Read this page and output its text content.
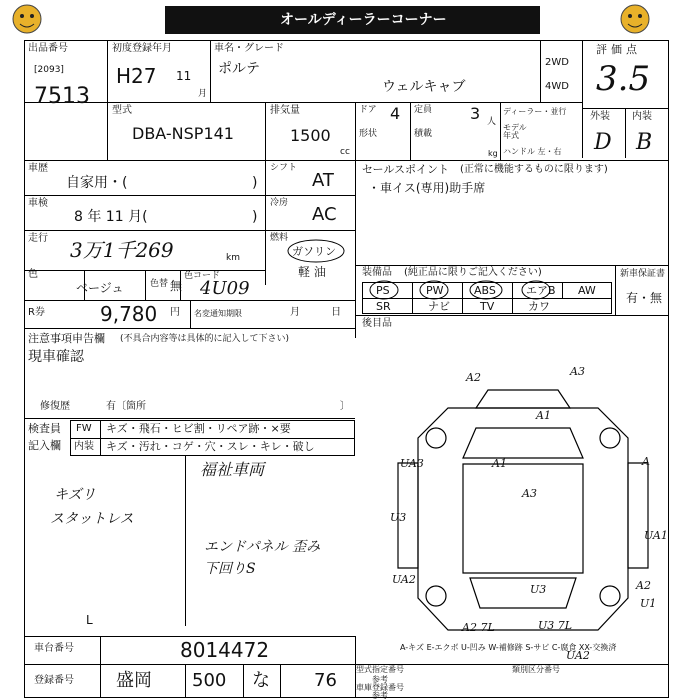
オールディーラーコーナー
出品番号
[2093]
7513
初度登録年月
H27 11
月
車名・グレード
ポルテ
ウェルキャブ
2WD
4WD
評価点
3.5
外装 内装
D B
型式
DBA-NSP141
排気量
1500
cc
ドア 4
形状
定員 3 人
積載
kg
ディーラー・並行
モデル
年式
ハンドル 左・右
車歴
自家用・(	)
シフト
AT
車検
8 年 11 月(	)
冷房
AC
走行 3万1千269	km
燃料
ガソリン
軽 油
色
ベージュ	色替 無
色コード
4U09
R券	9,780 円 名変通知期限	月 日
注意事項申告欄 (不具合内容等は具体的に記入して下さい)
現車確認
修復歴	有〔箇所	〕
検査員
記入欄
FW キズ・飛石・ヒビ割・リペア跡・×要
内装 キズ・汚れ・コゲ・穴・スレ・キレ・破し
キズリ
スタットレス
福祉車両
エンドパネル 歪み
下回りS
L
セールスポイント (正常に機能するものに限ります)
・車イス(専用)助手席
装備品 (純正品に限りご記入ください)	新車保証書
有・無
PS	PW	ABS	エアB AW
SR	ナビ	TV	カワ
後目品
A2	A3
A1
UA3	A1
A3
A
U3
UA1
UA2
U3	A2
U1
A2 7L	U3 7L
UA2
A-キズ E-エクボ U-凹み W-補修跡 S-サビ C-腐食 XX-交換済
車台番号	8014472
登録番号 盛岡 500 な 76
型式指定番号	類別区分番号
参考
車庫登録番号
参考
